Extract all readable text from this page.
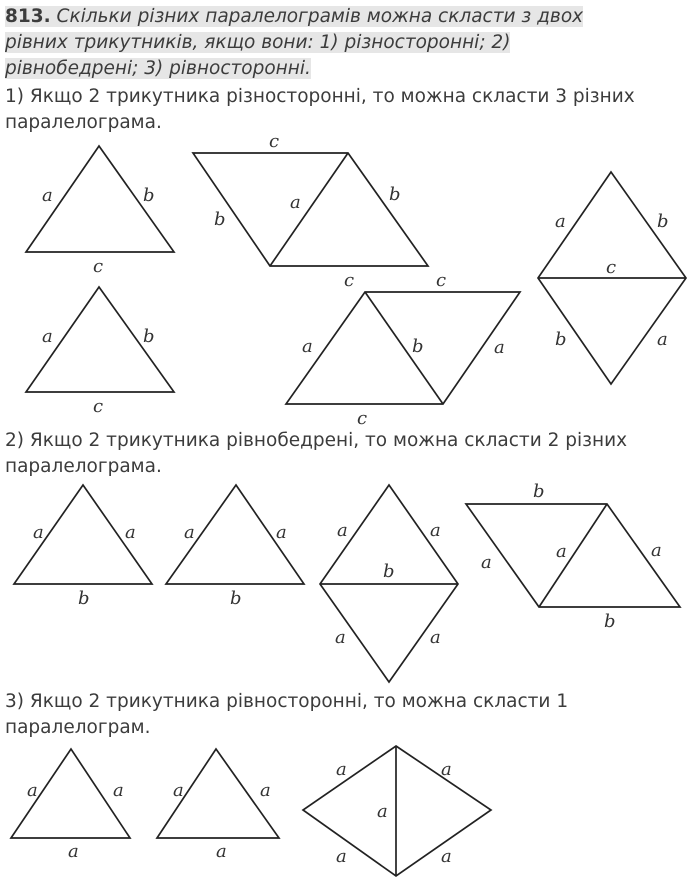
813. Скільки різних паралелограмів можна скласти з двох рівних трикутників, якщо вони: 1) різносторонні; 2) рівнобедрені; 3) рівносторонні.
1) Якщо 2 трикутника різносторонні, то можна скласти 3 різних паралелограма.
2) Якщо 2 трикутника рівнобедрені, то можна скласти 2 різних паралелограма.
3) Якщо 2 трикутника рівносторонні, то можна скласти 1 паралелограм.
a	b
c
a	b
c
c
b
a	b
c	c
a	b	a
c
a	b
c
b	a
a	a
b
a	a
b
a	a
b
a	a
b
a
a	a
b
a	a
a
a	a
a
a	a
a
a	a
